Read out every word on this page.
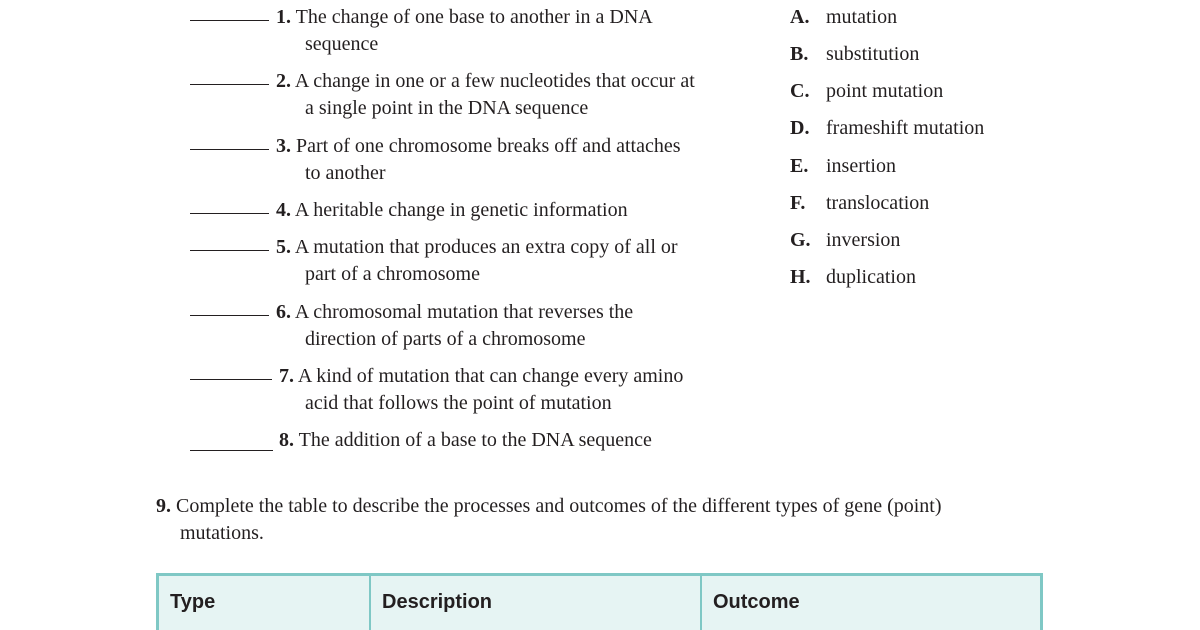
1. The change of one base to another in a DNA
sequence
2. A change in one or a few nucleotides that occur at
a single point in the DNA sequence
3. Part of one chromosome breaks off and attaches
to another
4. A heritable change in genetic information
5. A mutation that produces an extra copy of all or
part of a chromosome
6. A chromosomal mutation that reverses the
direction of parts of a chromosome
7. A kind of mutation that can change every amino
acid that follows the point of mutation
8. The addition of a base to the DNA sequence
A. mutation
B. substitution
C. point mutation
D. frameshift mutation
E. insertion
F. translocation
G. inversion
H. duplication
9. Complete the table to describe the processes and outcomes of the different types of gene (point)
mutations.
Type	Description	Outcome
